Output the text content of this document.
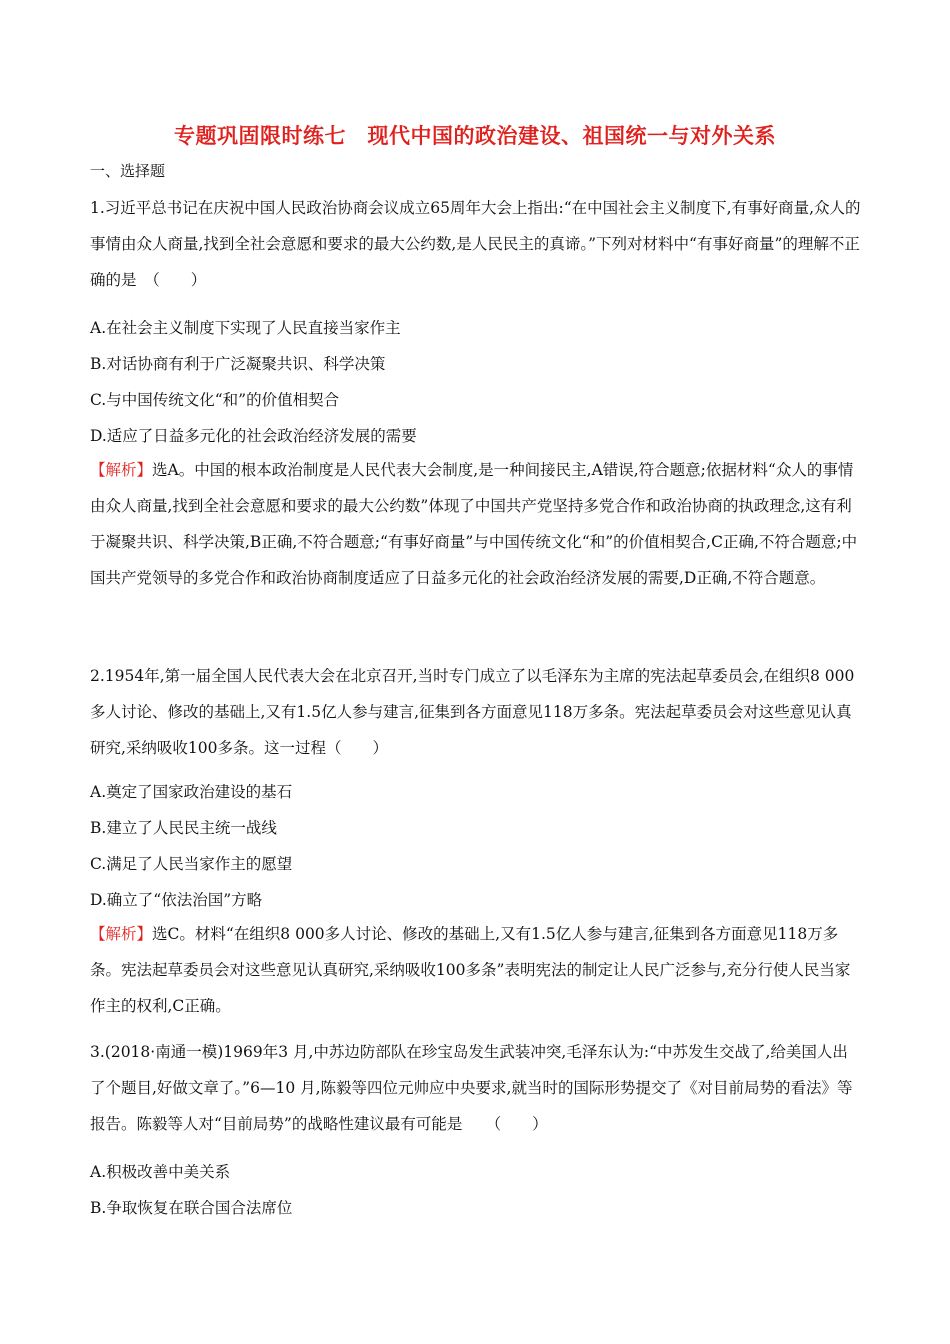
专题巩固限时练七　现代中国的政治建设、祖国统一与对外关系
一、选择题
1.习近平总书记在庆祝中国人民政治协商会议成立65周年大会上指出:“在中国社会主义制度下,有事好商量,众人的事情由众人商量,找到全社会意愿和要求的最大公约数,是人民民主的真谛。”下列对材料中“有事好商量”的理解不正确的是　（　　）
A.在社会主义制度下实现了人民直接当家作主
B.对话协商有利于广泛凝聚共识、科学决策
C.与中国传统文化“和”的价值相契合
D.适应了日益多元化的社会政治经济发展的需要
【解析】选A。中国的根本政治制度是人民代表大会制度,是一种间接民主,A错误,符合题意;依据材料“众人的事情由众人商量,找到全社会意愿和要求的最大公约数”体现了中国共产党坚持多党合作和政治协商的执政理念,这有利于凝聚共识、科学决策,B正确,不符合题意;“有事好商量”与中国传统文化“和”的价值相契合,C正确,不符合题意;中国共产党领导的多党合作和政治协商制度适应了日益多元化的社会政治经济发展的需要,D正确,不符合题意。
2.1954年,第一届全国人民代表大会在北京召开,当时专门成立了以毛泽东为主席的宪法起草委员会,在组织8 000多人讨论、修改的基础上,又有1.5亿人参与建言,征集到各方面意见118万多条。宪法起草委员会对这些意见认真研究,采纳吸收100多条。这一过程（　　）
A.奠定了国家政治建设的基石
B.建立了人民民主统一战线
C.满足了人民当家作主的愿望
D.确立了“依法治国”方略
【解析】选C。材料“在组织8 000多人讨论、修改的基础上,又有1.5亿人参与建言,征集到各方面意见118万多条。宪法起草委员会对这些意见认真研究,采纳吸收100多条”表明宪法的制定让人民广泛参与,充分行使人民当家作主的权利,C正确。
3.(2018·南通一模)1969年3 月,中苏边防部队在珍宝岛发生武装冲突,毛泽东认为:“中苏发生交战了,给美国人出了个题目,好做文章了。”6—10 月,陈毅等四位元帅应中央要求,就当时的国际形势提交了《对目前局势的看法》等报告。陈毅等人对“目前局势”的战略性建议最有可能是　　（　　）
A.积极改善中美关系
B.争取恢复在联合国合法席位
